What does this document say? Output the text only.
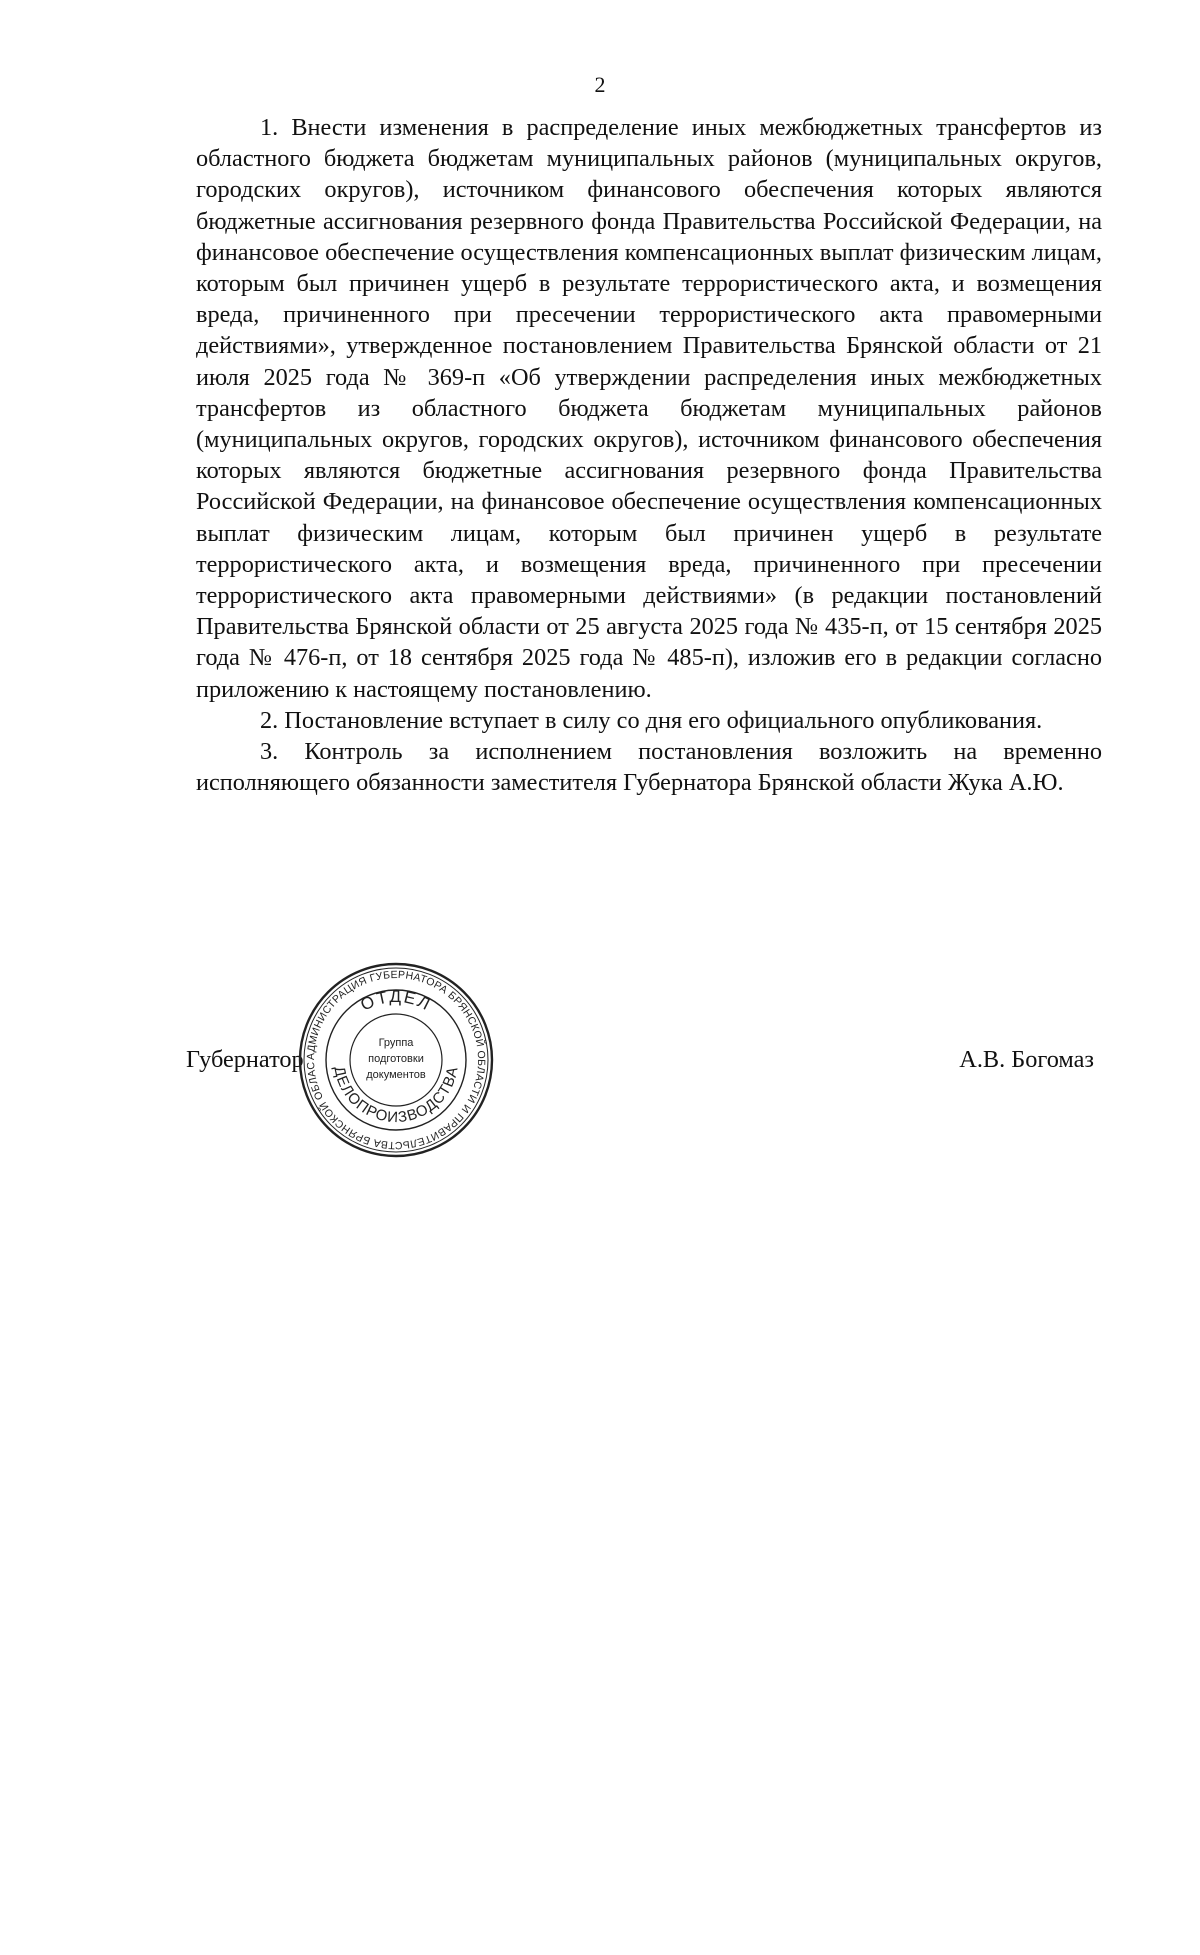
2

1. Внести изменения в распределение иных межбюджетных трансфертов из областного бюджета бюджетам муниципальных районов (муниципальных округов, городских округов), источником финансового обеспечения которых являются бюджетные ассигнования резервного фонда Правительства Российской Федерации, на финансовое обеспечение осуществления компенсационных выплат физическим лицам, которым был причинен ущерб в результате террористического акта, и возмещения вреда, причиненного при пресечении террористического акта правомерными действиями», утвержденное постановлением Правительства Брянской области от 21 июля 2025 года № 369-п «Об утверждении распределения иных межбюджетных трансфертов из областного бюджета бюджетам муниципальных районов (муниципальных округов, городских округов), источником финансового обеспечения которых являются бюджетные ассигнования резервного фонда Правительства Российской Федерации, на финансовое обеспечение осуществления компенсационных выплат физическим лицам, которым был причинен ущерб в результате террористического акта, и возмещения вреда, причиненного при пресечении террористического акта правомерными действиями» (в редакции постановлений Правительства Брянской области от 25 августа 2025 года № 435-п, от 15 сентября 2025 года № 476-п, от 18 сентября 2025 года № 485-п), изложив его в редакции согласно приложению к настоящему постановлению.

2. Постановление вступает в силу со дня его официального опубликования.

3. Контроль за исполнением постановления возложить на временно исполняющего обязанности заместителя Губернатора Брянской области Жука А.Ю.

Губернатор	А.В. Богомаз
АДМИНИСТРАЦИЯ ГУБЕРНАТОРА БРЯНСКОЙ ОБЛАСТИ И ПРАВИТЕЛЬСТВА БРЯНСКОЙ ОБЛАС
ОТДЕЛ
ДЕЛОПРОИЗВОДСТВА
Группа
подготовки
документов
